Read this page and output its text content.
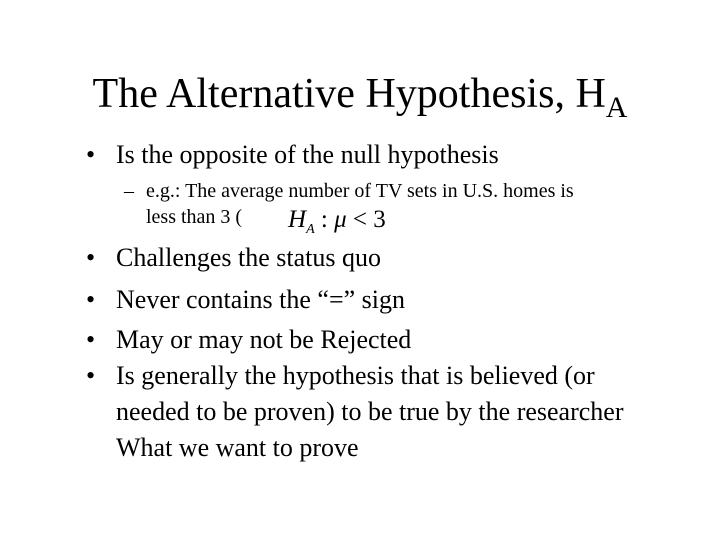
The Alternative Hypothesis, $H_A$
• Is the opposite of the null hypothesis
– e.g.: The average number of TV sets in U.S. homes is
less than 3 ( $H_A$ : μ < 3
• Challenges the status quo
• Never contains the “=” sign
• May or may not be Rejected
• Is generally the hypothesis that is believed (or needed to be proven) to be true by the researcher What we want to prove
